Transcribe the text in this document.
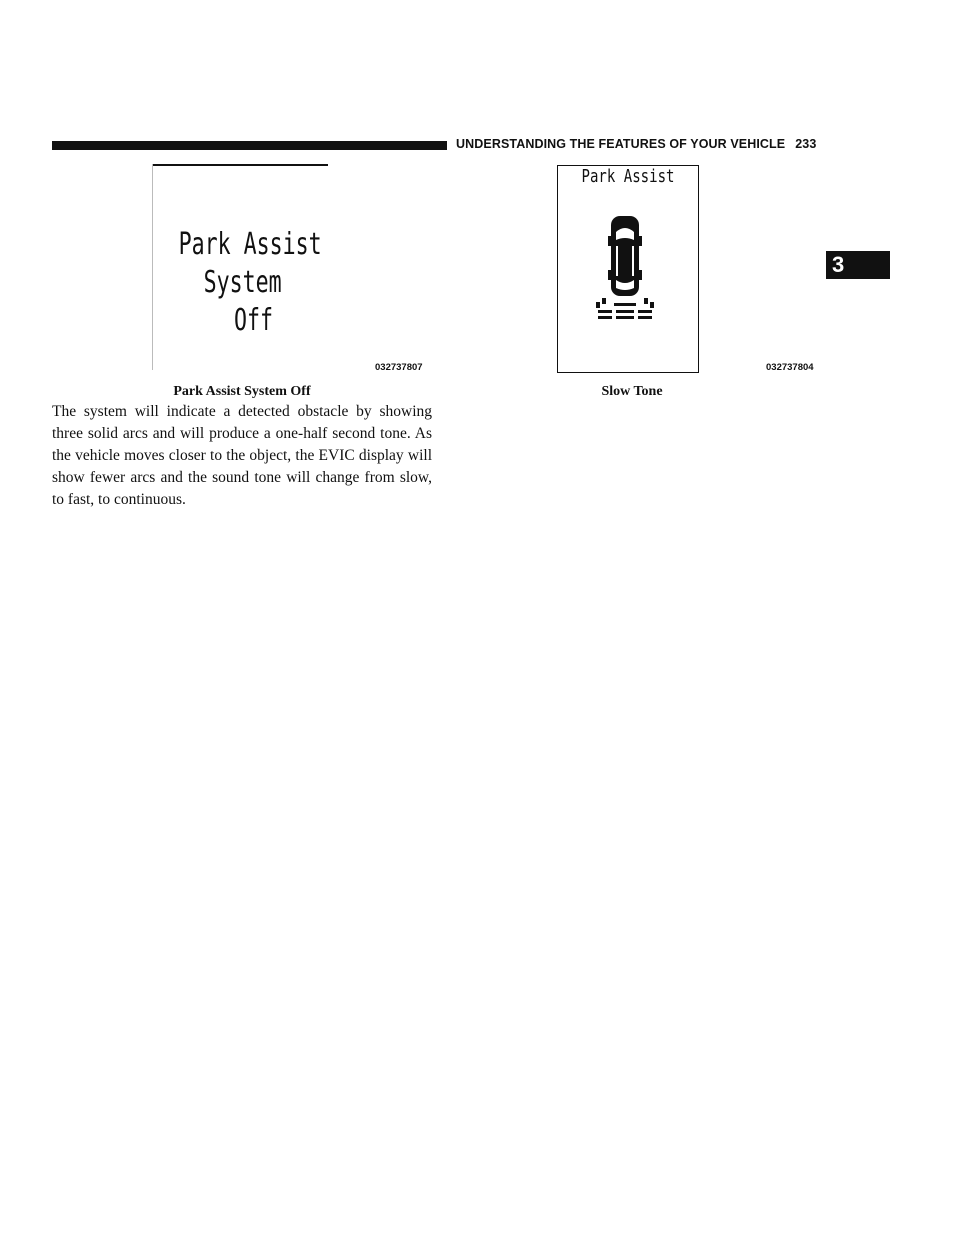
UNDERSTANDING THE FEATURES OF YOUR VEHICLE 233
3
Park Assist
System
Off
032737807
Park Assist System Off
Park Assist
032737804
Slow Tone
The system will indicate a detected obstacle by showing three solid arcs and will produce a one-half second tone. As the vehicle moves closer to the object, the EVIC display will show fewer arcs and the sound tone will change from slow, to fast, to continuous.
